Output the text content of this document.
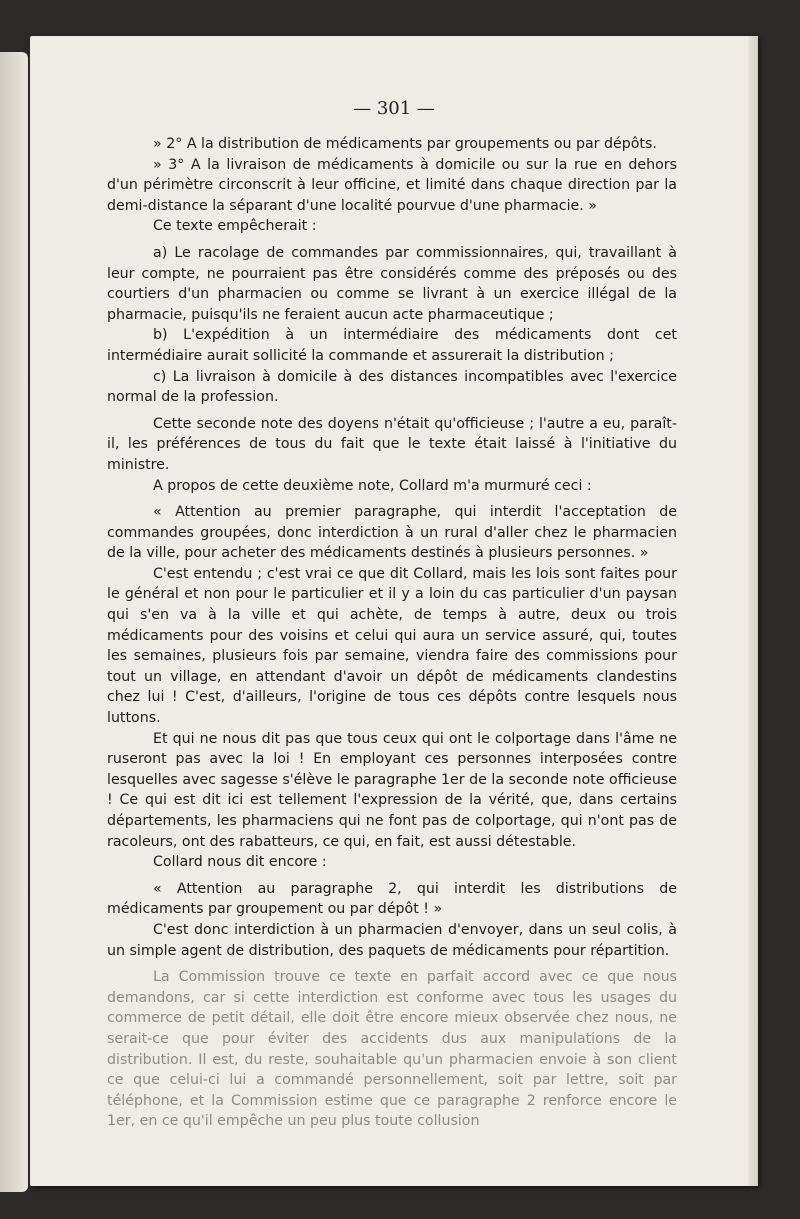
— 301 —

» 2° A la distribution de médicaments par groupements ou par dépôts.

» 3° A la livraison de médicaments à domicile ou sur la rue en dehors d'un périmètre circonscrit à leur officine, et limité dans chaque direction par la demi-distance la séparant d'une localité pourvue d'une pharmacie. »

Ce texte empêcherait :

a) Le racolage de commandes par commissionnaires, qui, travaillant à leur compte, ne pourraient pas être considérés comme des préposés ou des courtiers d'un pharmacien ou comme se livrant à un exercice illégal de la pharmacie, puisqu'ils ne feraient aucun acte pharmaceutique ;

b) L'expédition à un intermédiaire des médicaments dont cet intermédiaire aurait sollicité la commande et assurerait la distribution ;

c) La livraison à domicile à des distances incompatibles avec l'exercice normal de la profession.

Cette seconde note des doyens n'était qu'officieuse ; l'autre a eu, paraît-il, les préférences de tous du fait que le texte était laissé à l'initiative du ministre.

A propos de cette deuxième note, Collard m'a murmuré ceci :

« Attention au premier paragraphe, qui interdit l'acceptation de commandes groupées, donc interdiction à un rural d'aller chez le pharmacien de la ville, pour acheter des médicaments destinés à plusieurs personnes. »

C'est entendu ; c'est vrai ce que dit Collard, mais les lois sont faites pour le général et non pour le particulier et il y a loin du cas particulier d'un paysan qui s'en va à la ville et qui achète, de temps à autre, deux ou trois médicaments pour des voisins et celui qui aura un service assuré, qui, toutes les semaines, plusieurs fois par semaine, viendra faire des commissions pour tout un village, en attendant d'avoir un dépôt de médicaments clandestins chez lui ! C'est, d'ailleurs, l'origine de tous ces dépôts contre lesquels nous luttons.

Et qui ne nous dit pas que tous ceux qui ont le colportage dans l'âme ne ruseront pas avec la loi ! En employant ces personnes interposées contre lesquelles avec sagesse s'élève le paragraphe 1er de la seconde note officieuse ! Ce qui est dit ici est tellement l'expression de la vérité, que, dans certains départements, les pharmaciens qui ne font pas de colportage, qui n'ont pas de racoleurs, ont des rabatteurs, ce qui, en fait, est aussi détestable.

Collard nous dit encore :

« Attention au paragraphe 2, qui interdit les distributions de médicaments par groupement ou par dépôt ! »

C'est donc interdiction à un pharmacien d'envoyer, dans un seul colis, à un simple agent de distribution, des paquets de médicaments pour répartition.

La Commission trouve ce texte en parfait accord avec ce que nous demandons, car si cette interdiction est conforme avec tous les usages du commerce de petit détail, elle doit être encore mieux observée chez nous, ne serait-ce que pour éviter des accidents dus aux manipulations de la distribution. Il est, du reste, souhaitable qu'un pharmacien envoie à son client ce que celui-ci lui a commandé personnellement, soit par lettre, soit par téléphone, et la Commission estime que ce paragraphe 2 renforce encore le 1er, en ce qu'il empêche un peu plus toute collusion
